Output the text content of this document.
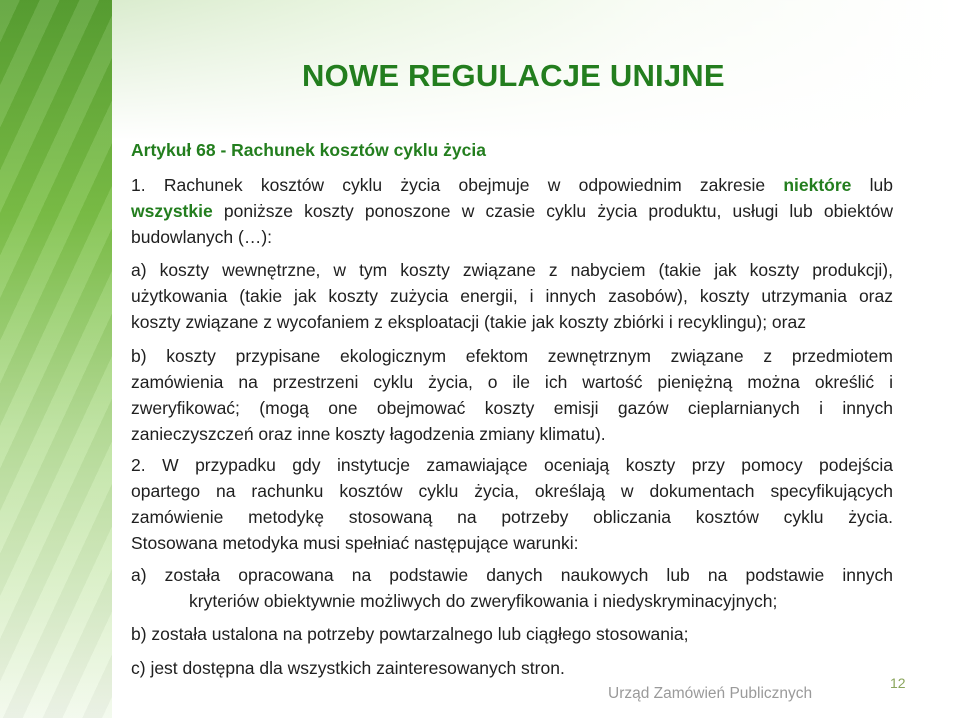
NOWE REGULACJE UNIJNE
Artykuł 68 - Rachunek kosztów cyklu życia
1. Rachunek kosztów cyklu życia obejmuje w odpowiednim zakresie niektóre lub
wszystkie poniższe koszty ponoszone w czasie cyklu życia produktu, usługi lub obiektów
budowlanych (…):
a) koszty wewnętrzne, w tym koszty związane z nabyciem (takie jak koszty produkcji),
użytkowania (takie jak koszty zużycia energii, i innych zasobów), koszty utrzymania oraz
koszty związane z wycofaniem z eksploatacji (takie jak koszty zbiórki i recyklingu); oraz
b) koszty przypisane ekologicznym efektom zewnętrznym związane z przedmiotem
zamówienia na przestrzeni cyklu życia, o ile ich wartość pieniężną można określić i
zweryfikować; (mogą one obejmować koszty emisji gazów cieplarnianych i innych
zanieczyszczeń oraz inne koszty łagodzenia zmiany klimatu).
2. W przypadku gdy instytucje zamawiające oceniają koszty przy pomocy podejścia
opartego na rachunku kosztów cyklu życia, określają w dokumentach specyfikujących
zamówienie metodykę stosowaną na potrzeby obliczania kosztów cyklu życia.
Stosowana metodyka musi spełniać następujące warunki:
a) została opracowana na podstawie danych naukowych lub na podstawie innych
kryteriów obiektywnie możliwych do zweryfikowania i niedyskryminacyjnych;
b) została ustalona na potrzeby powtarzalnego lub ciągłego stosowania;
c) jest dostępna dla wszystkich zainteresowanych stron.
Urząd Zamówień Publicznych
12
